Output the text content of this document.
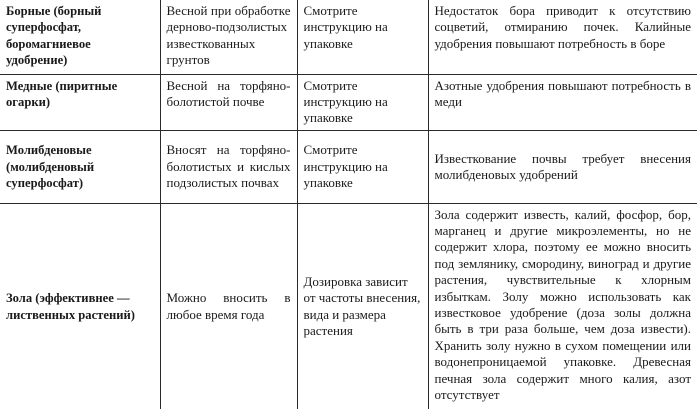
Борные (борный суперфосфат, боромагниевое удобрение)	Весной при обработке дерново-подзолистых известкованных грунтов	Смотрите инструкцию на упаковке	Недостаток бора приводит к отсутствию соцветий, отмиранию почек. Калийные удобрения повышают потребность в боре
Медные (пиритные огарки)	Весной на торфяно-болотистой почве	Смотрите инструкцию на упаковке	Азотные удобрения повышают потребность в меди
Молибденовые (молибденовый суперфосфат)	Вносят на торфяно-болотистых и кислых подзолистых почвах	Смотрите инструкцию на упаковке	Известкование почвы требует внесения молибденовых удобрений
Зола (эффективнее — лиственных растений)	Можно вносить в любое время года	Дозировка зависит от частоты внесения, вида и размера растения	Зола содержит известь, калий, фосфор, бор, марганец и другие микроэлементы, но не содержит хлора, поэтому ее можно вносить под землянику, смородину, виноград и другие растения, чувствительные к хлорным избыткам. Золу можно использовать как известковое удобрение (доза золы должна быть в три раза больше, чем доза извести). Хранить золу нужно в сухом помещении или водонепроницаемой упаковке. Древесная печная зола содержит много калия, азот отсутствует
